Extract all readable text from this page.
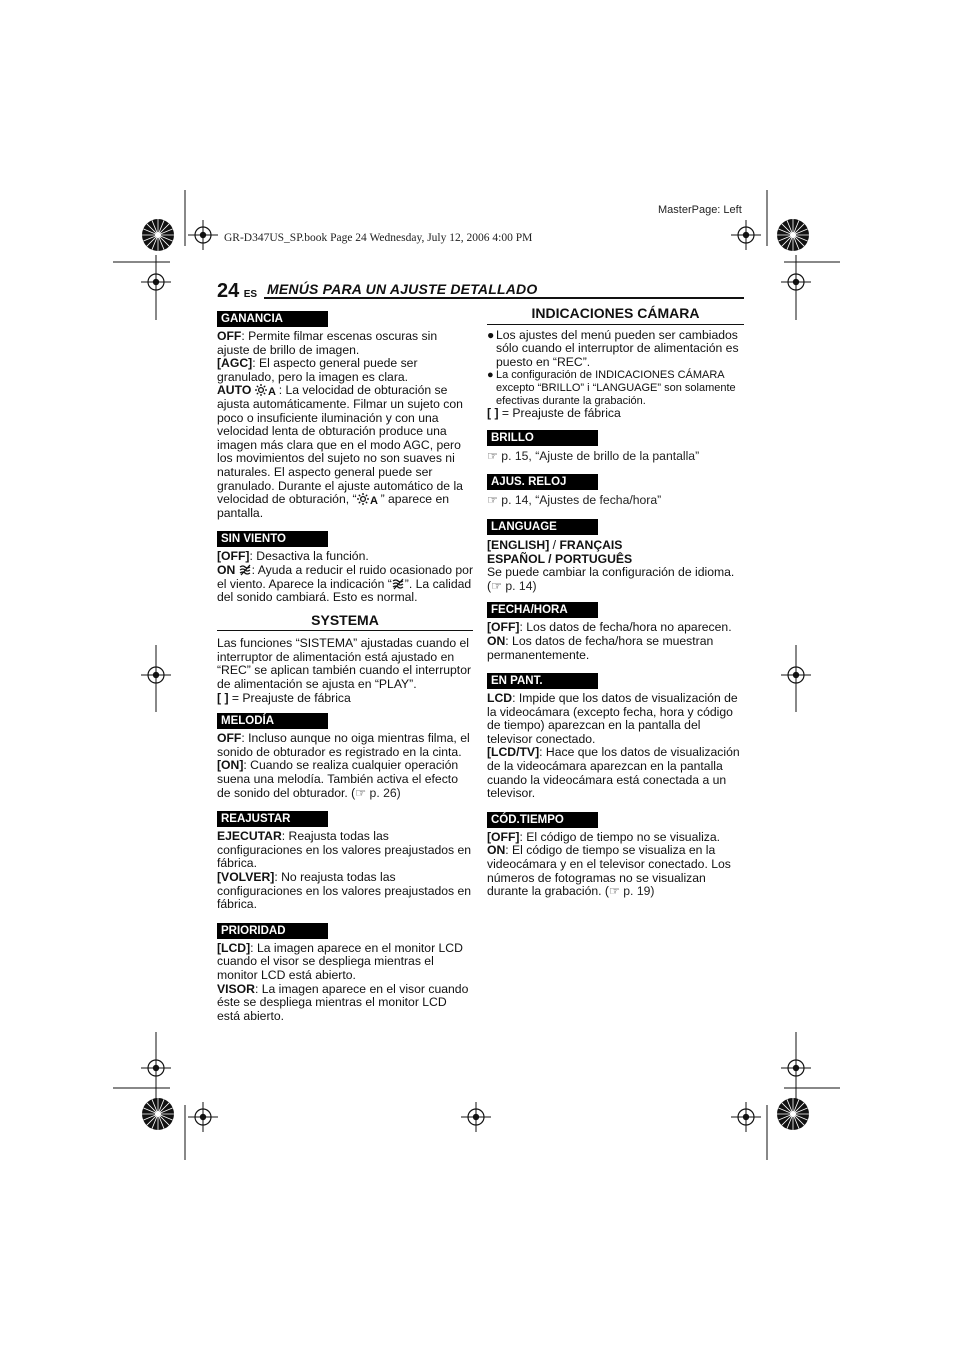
MasterPage: Left
GR-D347US_SP.book Page 24 Wednesday, July 12, 2006 4:00 PM
24 ES MENÚS PARA UN AJUSTE DETALLADO
GANANCIA

OFF: Permite filmar escenas oscuras sin ajuste de brillo de imagen.

[AGC]: El aspecto general puede ser granulado, pero la imagen es clara.

AUTO A : La velocidad de obturación se ajusta automáticamente. Filmar un sujeto con poco o insuficiente iluminación y con una velocidad lenta de obturación produce una imagen más clara que en el modo AGC, pero los movimientos del sujeto no son suaves ni naturales. El aspecto general puede ser granulado. Durante el ajuste automático de la velocidad de obturación, “ A ” aparece en pantalla.

SIN VIENTO

[OFF]: Desactiva la función.

ON : Ayuda a reducir el ruido ocasionado por el viento. Aparece la indicación “ ”. La calidad del sonido cambiará. Esto es normal.

SYSTEMA

Las funciones “SISTEMA” ajustadas cuando el interruptor de alimentación está ajustado en “REC” se aplican también cuando el interruptor de alimentación se ajusta en “PLAY”.

[ ] = Preajuste de fábrica

MELODÍA

OFF: Incluso aunque no oiga mientras filma, el sonido de obturador es registrado en la cinta.

[ON]: Cuando se realiza cualquier operación suena una melodía. También activa el efecto de sonido del obturador. (☞ p. 26)

REAJUSTAR

EJECUTAR: Reajusta todas las configuraciones en los valores preajustados en fábrica.

[VOLVER]: No reajusta todas las configuraciones en los valores preajustados en fábrica.

PRIORIDAD

[LCD]: La imagen aparece en el monitor LCD cuando el visor se despliega mientras el monitor LCD está abierto.

VISOR: La imagen aparece en el visor cuando éste se despliega mientras el monitor LCD está abierto.

INDICACIONES CÁMARA
● Los ajustes del menú pueden ser cambiados sólo cuando el interruptor de alimentación es puesto en “REC”.
● La configuración de INDICACIONES CÁMARA excepto “BRILLO” i “LANGUAGE” son solamente efectivas durante la grabación.

[ ] = Preajuste de fábrica

BRILLO

☞ p. 15, “Ajuste de brillo de la pantalla”

AJUS. RELOJ

☞ p. 14, “Ajustes de fecha/hora”

LANGUAGE

[ENGLISH] / FRANÇAIS

ESPAÑOL / PORTUGUÊS

Se puede cambiar la configuración de idioma. (☞ p. 14)

FECHA/HORA

[OFF]: Los datos de fecha/hora no aparecen.

ON: Los datos de fecha/hora se muestran permanentemente.

EN PANT.

LCD: Impide que los datos de visualización de la videocámara (excepto fecha, hora y código de tiempo) aparezcan en la pantalla del televisor conectado.

[LCD/TV]: Hace que los datos de visualización de la videocámara aparezcan en la pantalla cuando la videocámara está conectada a un televisor.

CÓD.TIEMPO

[OFF]: El código de tiempo no se visualiza.

ON: El código de tiempo se visualiza en la videocámara y en el televisor conectado. Los números de fotogramas no se visualizan durante la grabación. (☞ p. 19)
